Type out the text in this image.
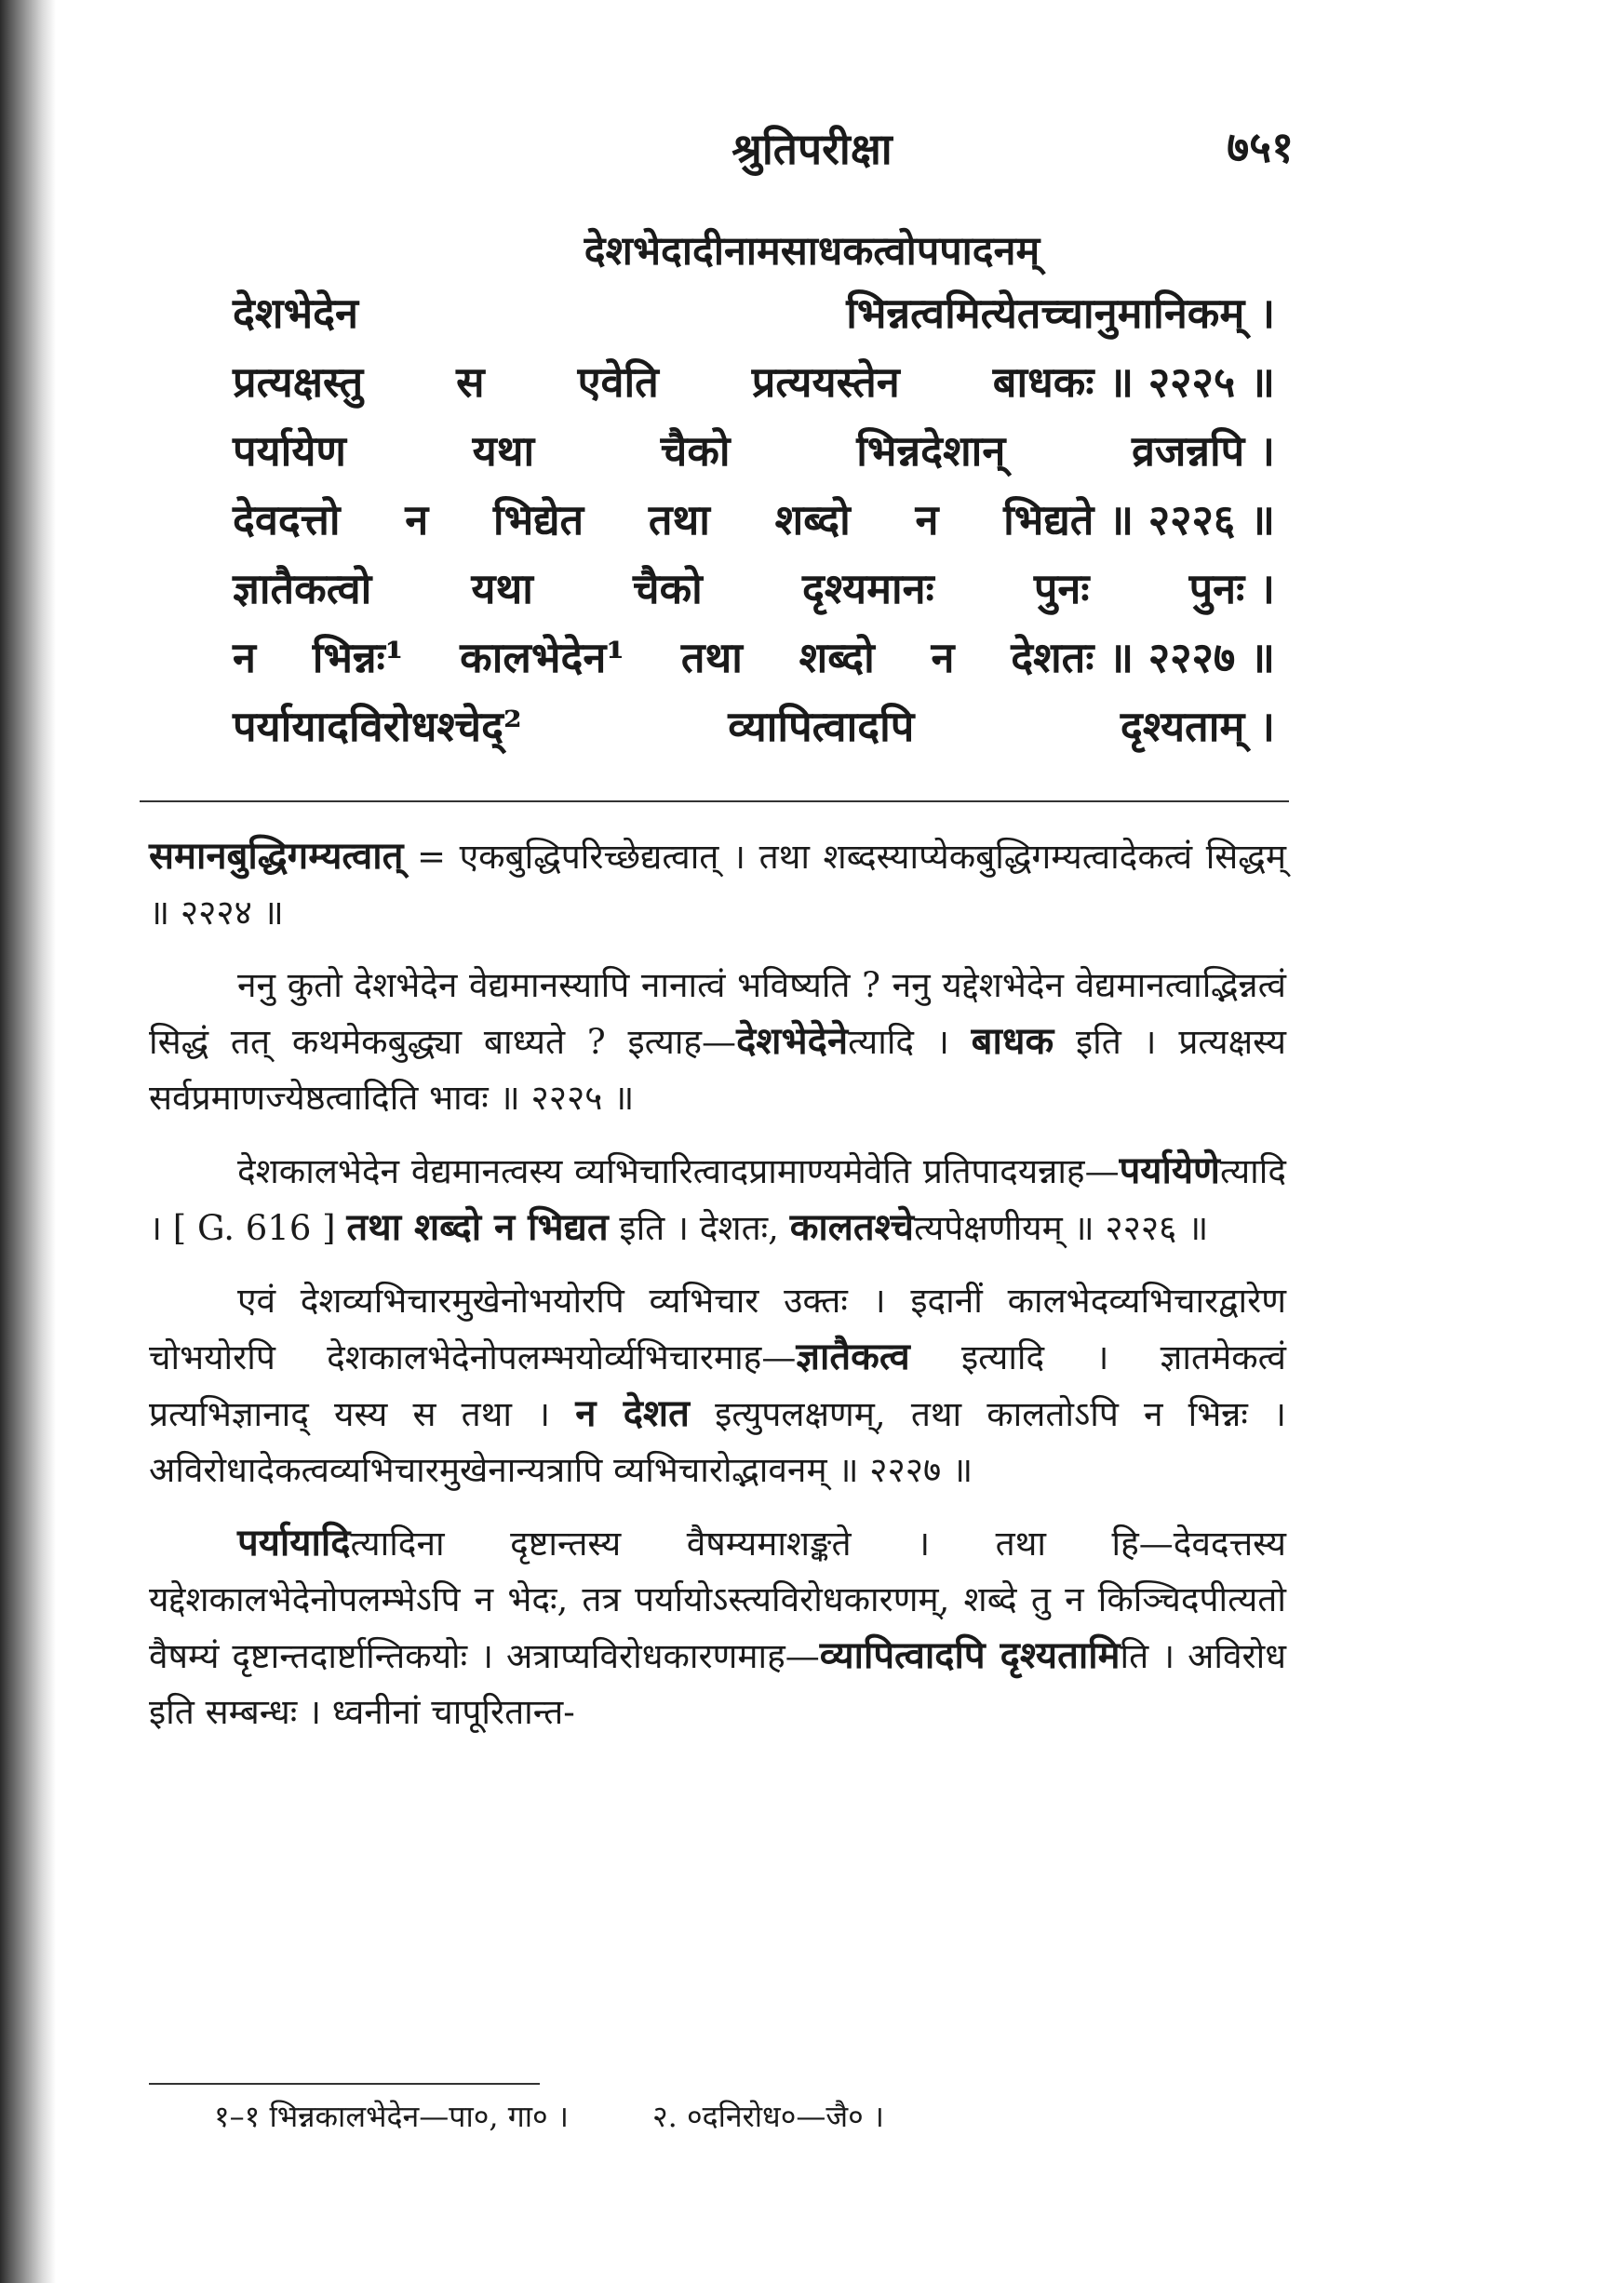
श्रुतिपरीक्षा	७५१
देशभेदादीनामसाधकत्वोपपादनम्
देशभेदेन	भिन्नत्वमित्येतच्चानुमानिकम् ।
प्रत्यक्षस्तु स एवेति प्रत्ययस्तेन बाधकः ॥ २२२५ ॥
पर्यायेण	यथा	चैको	भिन्नदेशान्	व्रजन्नपि ।
देवदत्तो न भिद्येत तथा शब्दो न भिद्यते ॥ २२२६ ॥
ज्ञातैकत्वो यथा चैको दृश्यमानः पुनः पुनः ।
न भिन्नः¹ कालभेदेन¹ तथा शब्दो न देशतः ॥ २२२७ ॥
पर्यायादविरोधश्चेद्²	व्यापित्वादपि	दृश्यताम् ।

समानबुद्धिगम्यत्वात् = एकबुद्धिपरिच्छेद्यत्वात् । तथा शब्दस्याप्येकबुद्धिगम्यत्वादेकत्वं सिद्धम् ॥ २२२४ ॥

ननु कुतो देशभेदेन वेद्यमानस्यापि नानात्वं भविष्यति ? ननु यद्देशभेदेन वेद्यमानत्वाद्भिन्नत्वं सिद्धं तत् कथमेकबुद्ध्या बाध्यते ? इत्याह—देशभेदेनेत्यादि । बाधक इति । प्रत्यक्षस्य सर्वप्रमाणज्येष्ठत्वादिति भावः ॥ २२२५ ॥

देशकालभेदेन वेद्यमानत्वस्य व्यभिचारित्वादप्रामाण्यमेवेति प्रतिपादयन्नाह—पर्यायेणेत्यादि । [ G. 616 ] तथा शब्दो न भिद्यत इति । देशतः, कालतश्चेत्यपेक्षणीयम् ॥ २२२६ ॥

एवं देशव्यभिचारमुखेनोभयोरपि व्यभिचार उक्तः । इदानीं कालभेदव्यभिचारद्वारेण चोभयोरपि देशकालभेदेनोपलम्भयोर्व्यभिचारमाह—ज्ञातैकत्व इत्यादि । ज्ञातमेकत्वं प्रत्यभिज्ञानाद् यस्य स तथा । न देशत इत्युपलक्षणम्, तथा कालतोऽपि न भिन्नः । अविरोधादेकत्वव्यभिचारमुखेनान्यत्रापि व्यभिचारोद्भावनम् ॥ २२२७ ॥

पर्यायादित्यादिना दृष्टान्तस्य वैषम्यमाशङ्कते । तथा हि—देवदत्तस्य यद्देशकालभेदेनोपलम्भेऽपि न भेदः, तत्र पर्यायोऽस्त्यविरोधकारणम्, शब्दे तु न किञ्चिदपीत्यतो वैषम्यं दृष्टान्तदार्ष्टान्तिकयोः । अत्राप्यविरोधकारणमाह—व्यापित्वादपि दृश्यतामिति । अविरोध इति सम्बन्धः । ध्वनीनां चापूरितान्त-

१–१ भिन्नकालभेदेन—पा०, गा० ।	२. ०दनिरोध०—जै० ।
